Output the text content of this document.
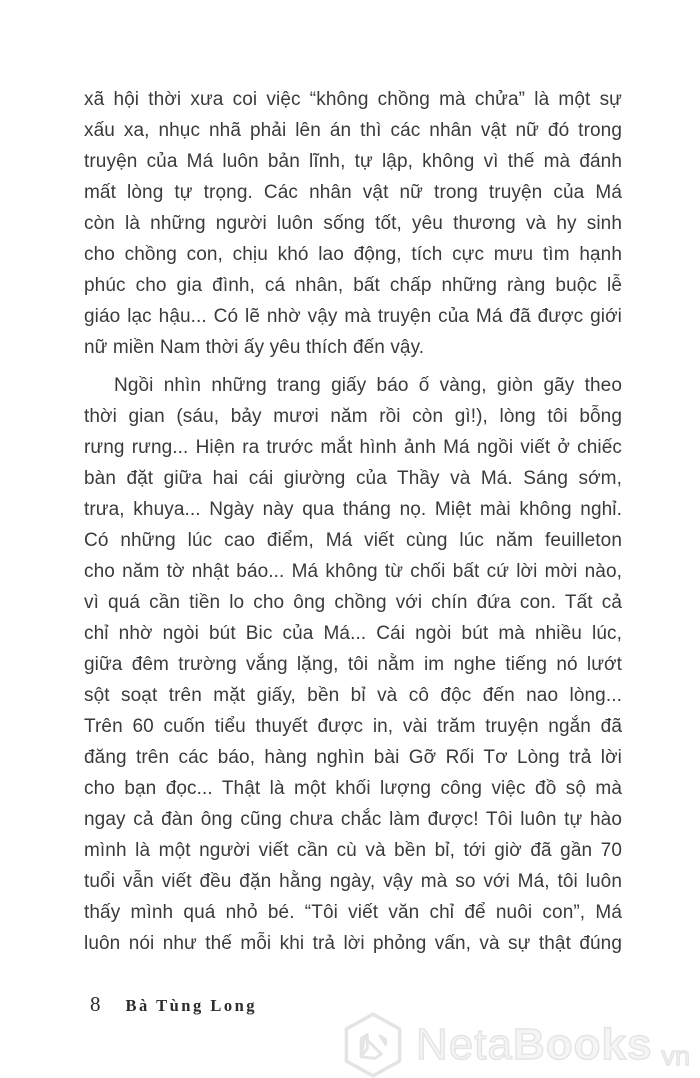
xã hội thời xưa coi việc “không chồng mà chửa” là một sự
xấu xa, nhục nhã phải lên án thì các nhân vật nữ đó trong
truyện của Má luôn bản lĩnh, tự lập, không vì thế mà đánh
mất lòng tự trọng. Các nhân vật nữ trong truyện của Má
còn là những người luôn sống tốt, yêu thương và hy sinh
cho chồng con, chịu khó lao động, tích cực mưu tìm hạnh
phúc cho gia đình, cá nhân, bất chấp những ràng buộc lễ
giáo lạc hậu... Có lẽ nhờ vậy mà truyện của Má đã được giới
nữ miền Nam thời ấy yêu thích đến vậy.
Ngồi nhìn những trang giấy báo ố vàng, giòn gãy theo
thời gian (sáu, bảy mươi năm rồi còn gì!), lòng tôi bỗng
rưng rưng... Hiện ra trước mắt hình ảnh Má ngồi viết ở chiếc
bàn đặt giữa hai cái giường của Thầy và Má. Sáng sớm,
trưa, khuya... Ngày này qua tháng nọ. Miệt mài không nghỉ.
Có những lúc cao điểm, Má viết cùng lúc năm feuilleton
cho năm tờ nhật báo... Má không từ chối bất cứ lời mời nào,
vì quá cần tiền lo cho ông chồng với chín đứa con. Tất cả
chỉ nhờ ngòi bút Bic của Má... Cái ngòi bút mà nhiều lúc,
giữa đêm trường vắng lặng, tôi nằm im nghe tiếng nó lướt
sột soạt trên mặt giấy, bền bỉ và cô độc đến nao lòng...
Trên 60 cuốn tiểu thuyết được in, vài trăm truyện ngắn đã
đăng trên các báo, hàng nghìn bài Gỡ Rối Tơ Lòng trả lời
cho bạn đọc... Thật là một khối lượng công việc đồ sộ mà
ngay cả đàn ông cũng chưa chắc làm được! Tôi luôn tự hào
mình là một người viết cần cù và bền bỉ, tới giờ đã gần 70
tuổi vẫn viết đều đặn hằng ngày, vậy mà so với Má, tôi luôn
thấy mình quá nhỏ bé. “Tôi viết văn chỉ để nuôi con”, Má
luôn nói như thế mỗi khi trả lời phỏng vấn, và sự thật đúng
8 Bà Tùng Long
NetaBooks vn
